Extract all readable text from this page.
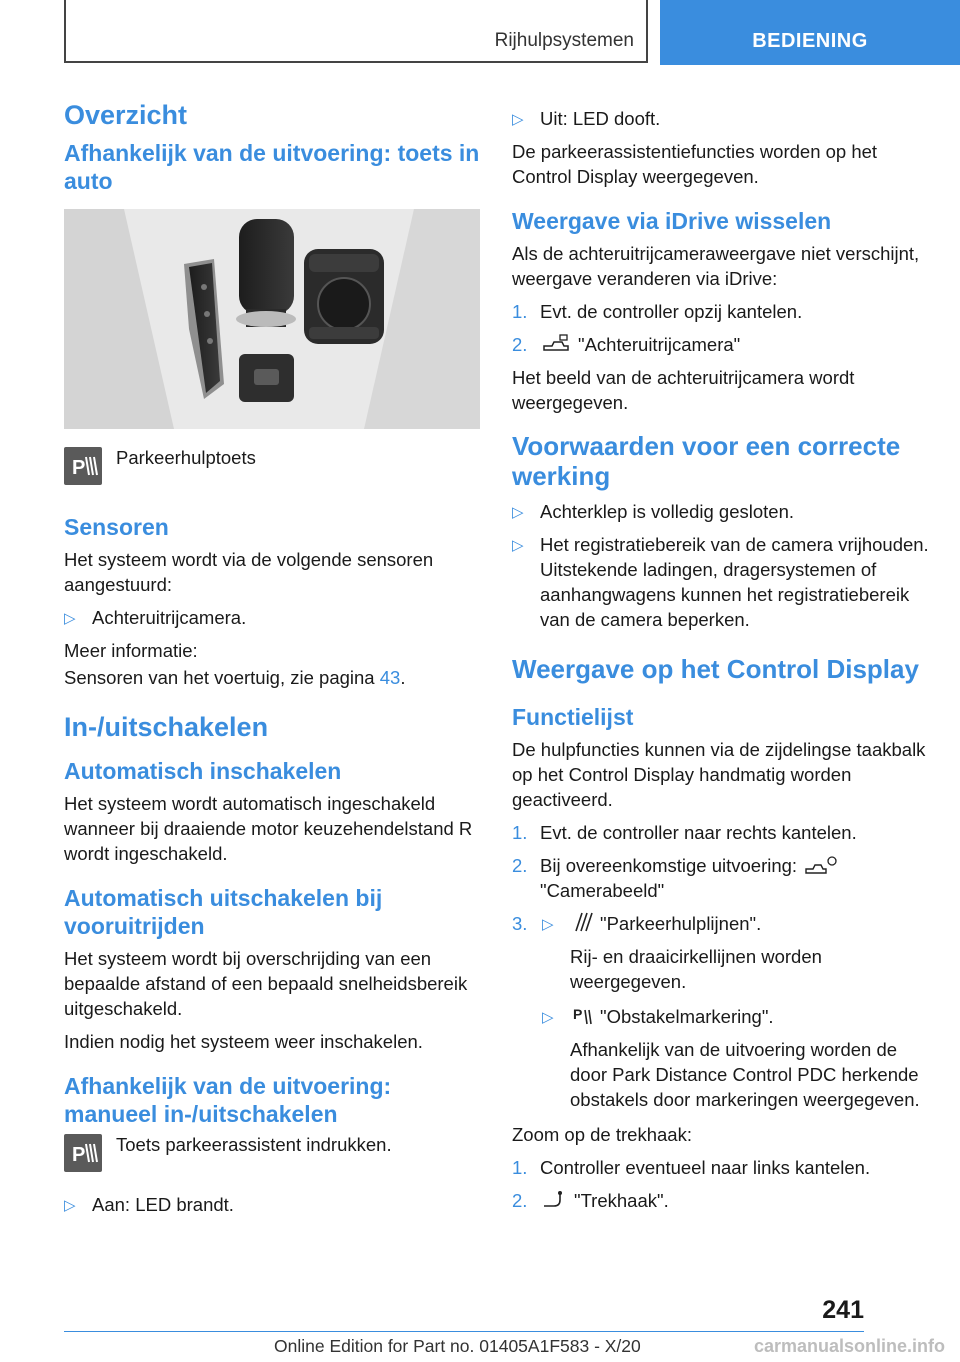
Rijhulpsystemen	BEDIENING
Overzicht
Afhankelijk van de uitvoering: toets in auto
P Parkeerhulptoets
Sensoren
Het systeem wordt via de volgende sensoren aangestuurd:
▷ Achteruitrijcamera.
Meer informatie:
Sensoren van het voertuig, zie pagina 43.
In-/uitschakelen
Automatisch inschakelen
Het systeem wordt automatisch ingeschakeld wanneer bij draaiende motor keuzehendelstand R wordt ingeschakeld.
Automatisch uitschakelen bij vooruitrijden
Het systeem wordt bij overschrijding van een bepaalde afstand of een bepaald snelheidsbereik uitgeschakeld.
Indien nodig het systeem weer inschakelen.
Afhankelijk van de uitvoering: manueel in-/uitschakelen
P Toets parkeerassistent indrukken.
▷ Aan: LED brandt.
▷ Uit: LED dooft.
De parkeerassistentiefuncties worden op het Control Display weergegeven.
Weergave via iDrive wisselen
Als de achteruitrijcameraweergave niet verschijnt, weergave veranderen via iDrive:
1. Evt. de controller opzij kantelen.
2.	"Achteruitrijcamera"
Het beeld van de achteruitrijcamera wordt weergegeven.
Voorwaarden voor een correcte werking
▷ Achterklep is volledig gesloten.
▷ Het registratiebereik van de camera vrijhouden. Uitstekende ladingen, dragersystemen of aanhangwagens kunnen het registratiebereik van de camera beperken.
Weergave op het Control Display
Functielijst
De hulpfuncties kunnen via de zijdelingse taakbalk op het Control Display handmatig worden geactiveerd.
1. Evt. de controller naar rechts kantelen.
2. Bij overeenkomstige uitvoering:
"Camerabeeld"
3. ▷	"Parkeerhulplijnen".
Rij- en draaicirkellijnen worden weergegeven.
▷ P "Obstakelmarkering".
Afhankelijk van de uitvoering worden de door Park Distance Control PDC herkende obstakels door markeringen weergegeven.
Zoom op de trekhaak:
1. Controller eventueel naar links kantelen.
2.	"Trekhaak".
241
Online Edition for Part no. 01405A1F583 - X/20	carmanualsonline.info
